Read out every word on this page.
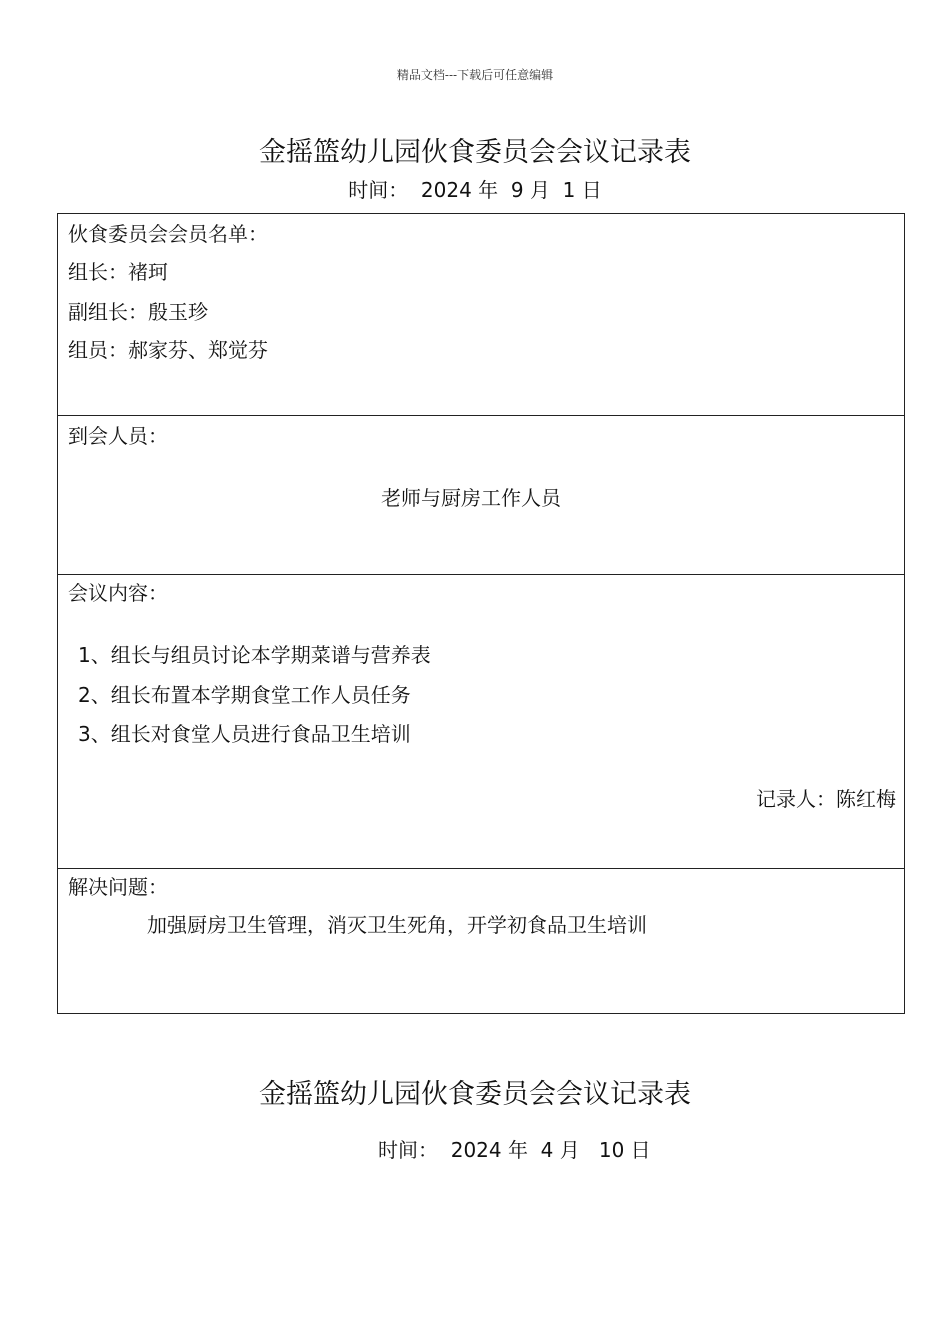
精品文档---下载后可任意编辑
金摇篮幼儿园伙食委员会会议记录表
时间：  2024 年  9 月  1 日
伙食委员会会员名单：
组长：褚珂
副组长：殷玉珍
组员：郝家芬、郑觉芬
到会人员：
老师与厨房工作人员
会议内容：
1、组长与组员讨论本学期菜谱与营养表
2、组长布置本学期食堂工作人员任务
3、组长对食堂人员进行食品卫生培训
记录人：陈红梅
解决问题：
加强厨房卫生管理，消灭卫生死角，开学初食品卫生培训
金摇篮幼儿园伙食委员会会议记录表
时间：  2024 年  4 月   10 日
